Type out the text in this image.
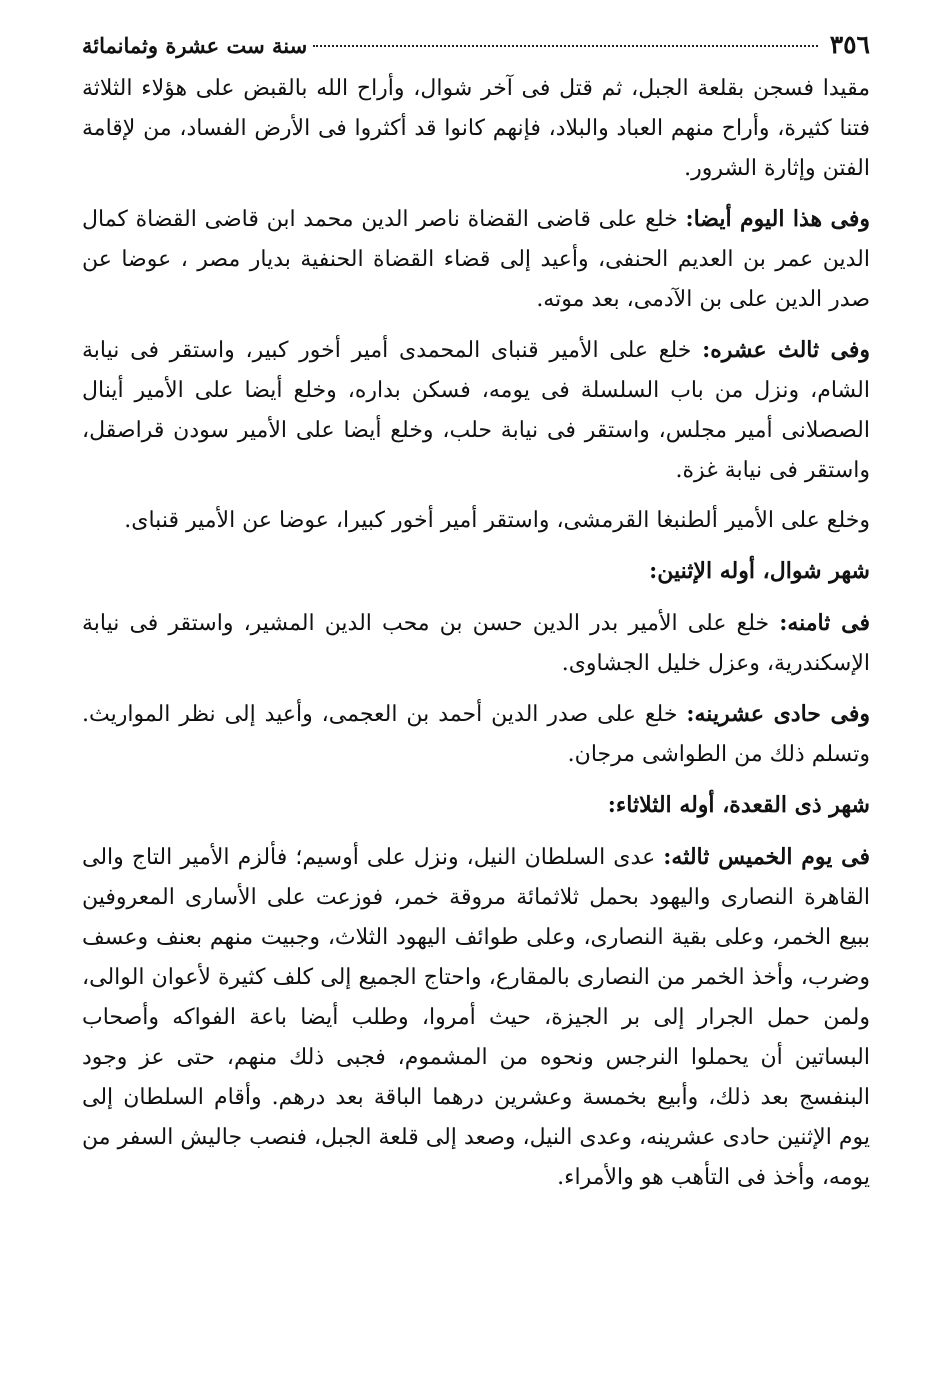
٣٥٦
سنة ست عشرة وثمانمائة

مقيدا فسجن بقلعة الجبل، ثم قتل فى آخر شوال، وأراح الله بالقبض على هؤلاء الثلاثة فتنا كثيرة، وأراح منهم العباد والبلاد، فإنهم كانوا قد أكثروا فى الأرض الفساد، من لإقامة الفتن وإثارة الشرور.

وفى هذا اليوم أيضا: خلع على قاضى القضاة ناصر الدين محمد ابن قاضى القضاة كمال الدين عمر بن العديم الحنفى، وأعيد إلى قضاء القضاة الحنفية بديار مصر ، عوضا عن صدر الدين على بن الآدمى، بعد موته.

وفى ثالث عشره: خلع على الأمير قنباى المحمدى أمير أخور كبير، واستقر فى نيابة الشام، ونزل من باب السلسلة فى يومه، فسكن بداره، وخلع أيضا على الأمير أينال الصصلانى أمير مجلس، واستقر فى نيابة حلب، وخلع أيضا على الأمير سودن قراصقل، واستقر فى نيابة غزة.

وخلع على الأمير ألطنبغا القرمشى، واستقر أمير أخور كبيرا، عوضا عن الأمير قنباى.

شهر شوال، أوله الإثنين:

فى ثامنه: خلع على الأمير بدر الدين حسن بن محب الدين المشير، واستقر فى نيابة الإسكندرية، وعزل خليل الجشاوى.

وفى حادى عشرينه: خلع على صدر الدين أحمد بن العجمى، وأعيد إلى نظر المواريث. وتسلم ذلك من الطواشى مرجان.

شهر ذى القعدة، أوله الثلاثاء:

فى يوم الخميس ثالثه: عدى السلطان النيل، ونزل على أوسيم؛ فألزم الأمير التاج والى القاهرة النصارى واليهود بحمل ثلاثمائة مروقة خمر، فوزعت على الأسارى المعروفين ببيع الخمر، وعلى بقية النصارى، وعلى طوائف اليهود الثلاث، وجبيت منهم بعنف وعسف وضرب، وأخذ الخمر من النصارى بالمقارع، واحتاج الجميع إلى كلف كثيرة لأعوان الوالى، ولمن حمل الجرار إلى بر الجيزة، حيث أمروا، وطلب أيضا باعة الفواكه وأصحاب البساتين أن يحملوا النرجس ونحوه من المشموم، فجبى ذلك منهم، حتى عز وجود البنفسج بعد ذلك، وأبيع بخمسة وعشرين درهما الباقة بعد درهم. وأقام السلطان إلى يوم الإثنين حادى عشرينه، وعدى النيل، وصعد إلى قلعة الجبل، فنصب جاليش السفر من يومه، وأخذ فى التأهب هو والأمراء.
